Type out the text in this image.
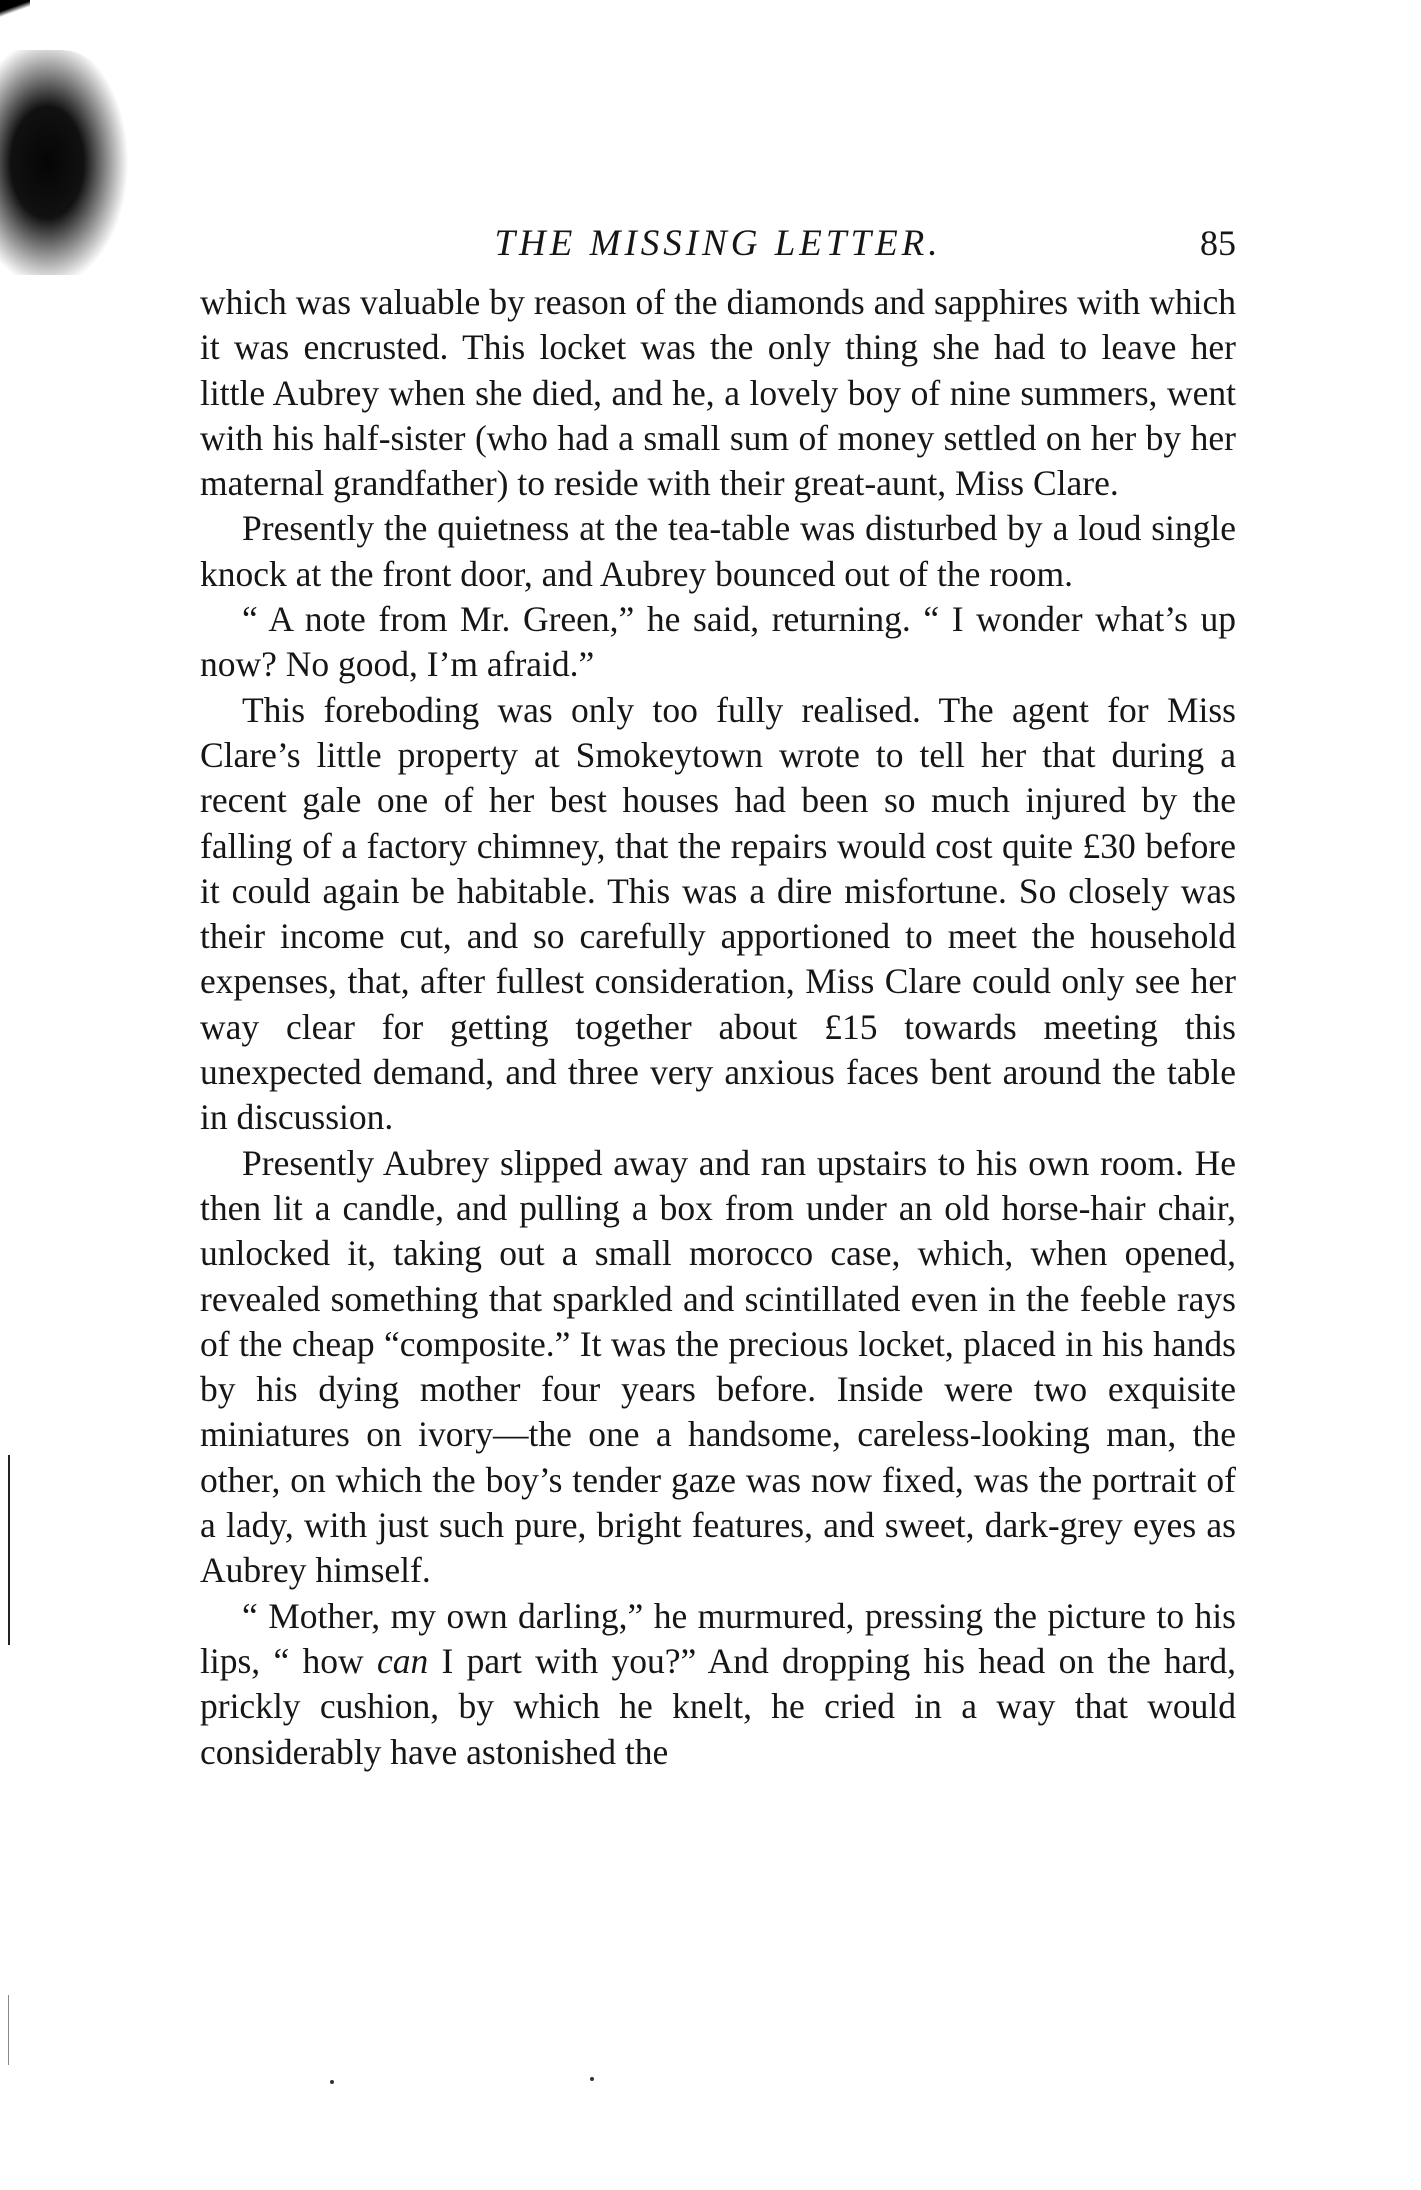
THE MISSING LETTER.	85

which was valuable by reason of the diamonds and sapphires with which it was encrusted. This locket was the only thing she had to leave her little Aubrey when she died, and he, a lovely boy of nine summers, went with his half-sister (who had a small sum of money settled on her by her maternal grandfather) to reside with their great-aunt, Miss Clare.

Presently the quietness at the tea-table was disturbed by a loud single knock at the front door, and Aubrey bounced out of the room.

“ A note from Mr. Green,” he said, returning. “ I wonder what’s up now? No good, I’m afraid.”

This foreboding was only too fully realised. The agent for Miss Clare’s little property at Smokeytown wrote to tell her that during a recent gale one of her best houses had been so much injured by the falling of a factory chimney, that the repairs would cost quite £30 before it could again be habitable. This was a dire misfortune. So closely was their income cut, and so carefully apportioned to meet the household expenses, that, after fullest consideration, Miss Clare could only see her way clear for getting together about £15 towards meeting this unexpected demand, and three very anxious faces bent around the table in discussion.

Presently Aubrey slipped away and ran upstairs to his own room. He then lit a candle, and pulling a box from under an old horse-hair chair, unlocked it, taking out a small morocco case, which, when opened, revealed something that sparkled and scintillated even in the feeble rays of the cheap “composite.” It was the precious locket, placed in his hands by his dying mother four years before. Inside were two exquisite miniatures on ivory—the one a handsome, careless-looking man, the other, on which the boy’s tender gaze was now fixed, was the portrait of a lady, with just such pure, bright features, and sweet, dark-grey eyes as Aubrey himself.

“ Mother, my own darling,” he murmured, pressing the picture to his lips, “ how can I part with you?” And dropping his head on the hard, prickly cushion, by which he knelt, he cried in a way that would considerably have astonished the
